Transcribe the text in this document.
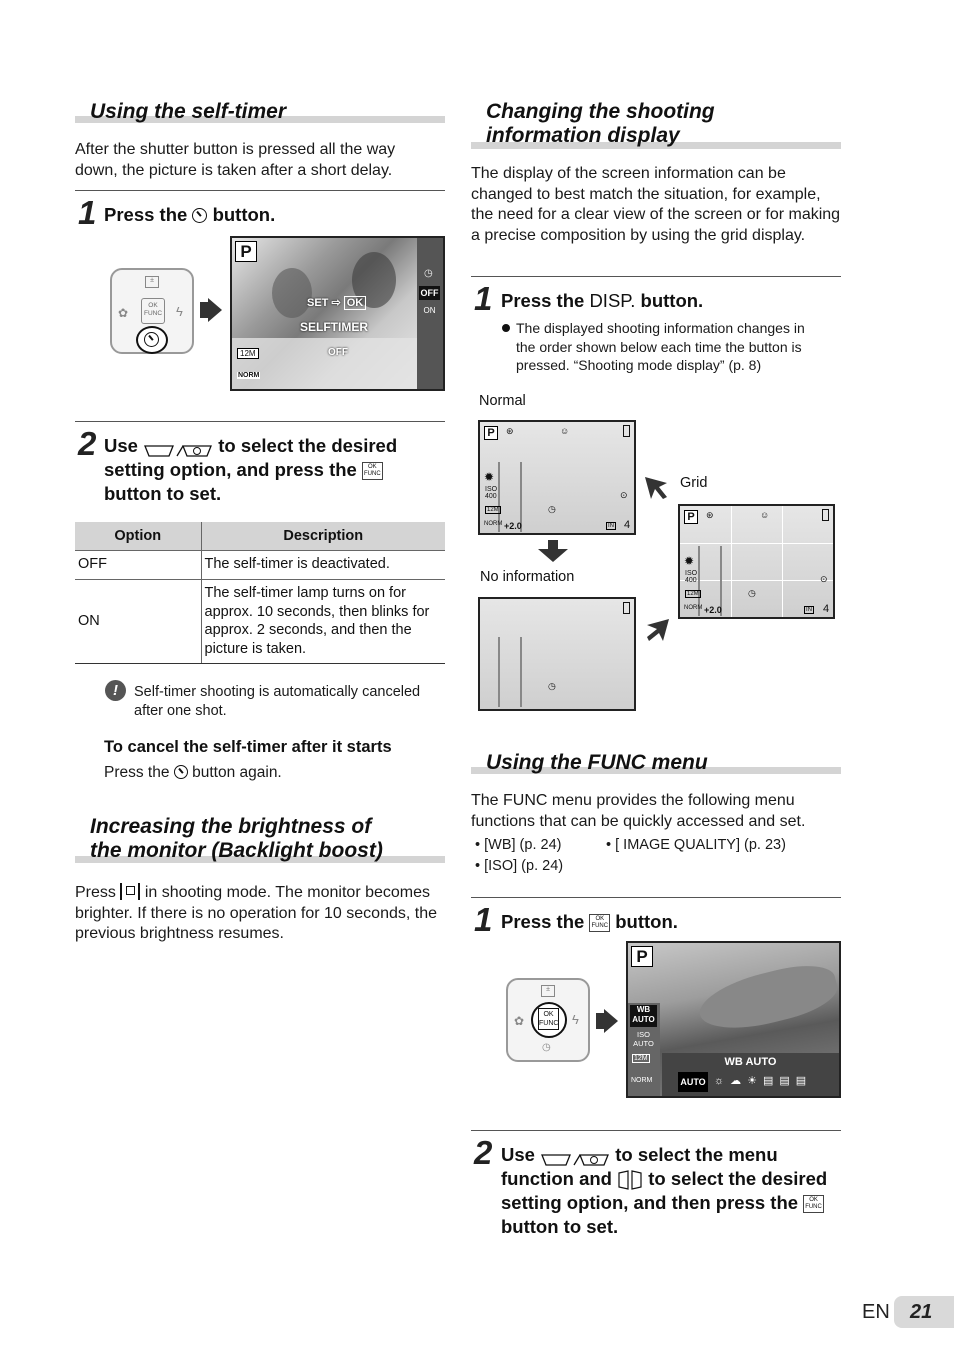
Using the self-timer
After the shutter button is pressed all the way down, the picture is taken after a short delay.
1 Press the button.
±
✿	ϟ
OK
FUNC
P
◷
OFF
ON
SET ⇨ OK
SELFTIMER
OFF
12M
NORM
2 Use	to select the desired setting option, and press the OK
FUNC button to set.
Option	Description
OFF	The self-timer is deactivated.
ON	The self-timer lamp turns on for approx. 10 seconds, then blinks for approx. 2 seconds, and then the picture is taken.
!	Self-timer shooting is automatically canceled after one shot.
To cancel the self-timer after it starts
Press the button again.
Increasing the brightness of
the monitor (Backlight boost)
Press in shooting mode. The monitor becomes brighter. If there is no operation for 10 seconds, the previous brightness resumes.
Changing the shooting
information display
The display of the screen information can be changed to best match the situation, for example, the need for a clear view of the screen or for making a precise composition by using the grid display.
1 Press the DISP. button.
The displayed shooting information changes in the order shown below each time the button is pressed. “Shooting mode display” (p. 8)
Normal
P	⊛	☺
✹
ISO 400
12M
NORM +2.0
◷
⊙
IN 4
Grid
P	⊛	☺
✹
ISO 400
12M
NORM +2.0
◷
⊙
IN 4
No information
◷
Using the FUNC menu
The FUNC menu provides the following menu functions that can be quickly accessed and set.
• [WB] (p. 24)
• [ISO] (p. 24)
• [ IMAGE QUALITY] (p. 23)
1 Press the OK
FUNC button.
±
✿	ϟ
OK
FUNC
◷
P
WB AUTO
ISO AUTO
12M
NORM
WB AUTO
AUTO ☼☁☀▤▤▤
2 Use	to select the menu function and to select the desired setting option, and then press the OK
FUNC button to set.
EN	21
